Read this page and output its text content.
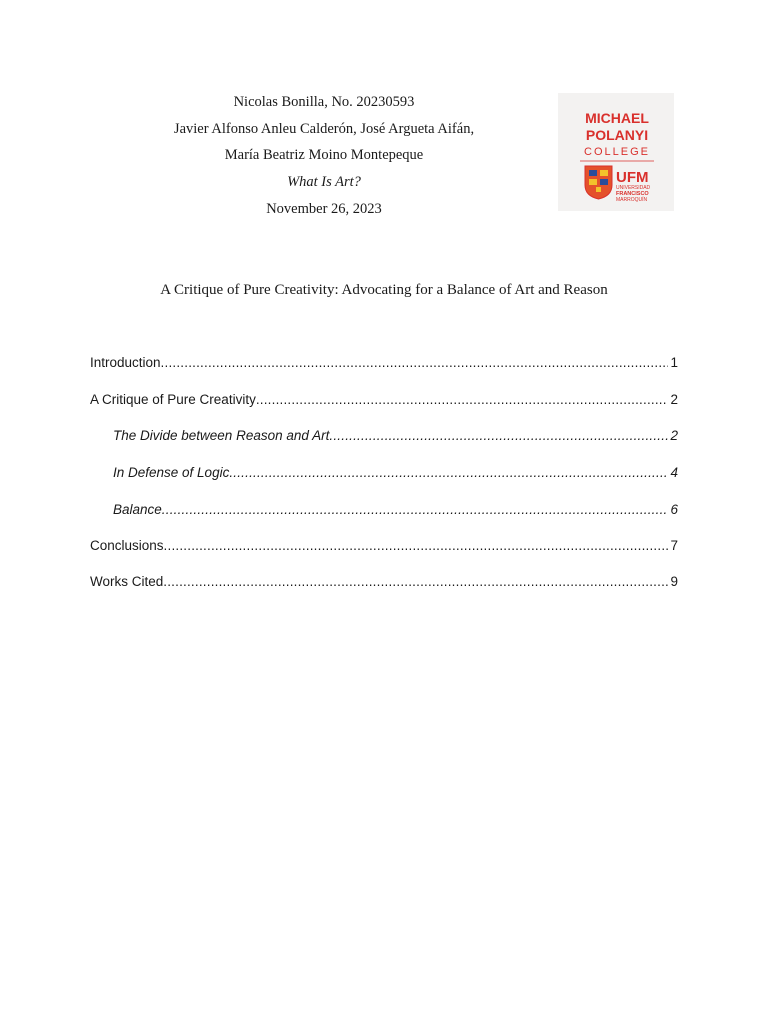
Nicolas Bonilla, No. 20230593
Javier Alfonso Anleu Calderón, José Argueta Aifán,
María Beatriz Moino Montepeque
What Is Art?
November 26, 2023
MICHAEL
POLANYI
COLLEGE
UFM
UNIVERSIDAD
FRANCISCO
MARROQUÍN
A Critique of Pure Creativity: Advocating for a Balance of Art and Reason
Introduction .....	1
A Critique of Pure Creativity .....	2
The Divide between Reason and Art .....	2
In Defense of Logic .....	4
Balance .....	6
Conclusions .....	7
Works Cited .....	9
